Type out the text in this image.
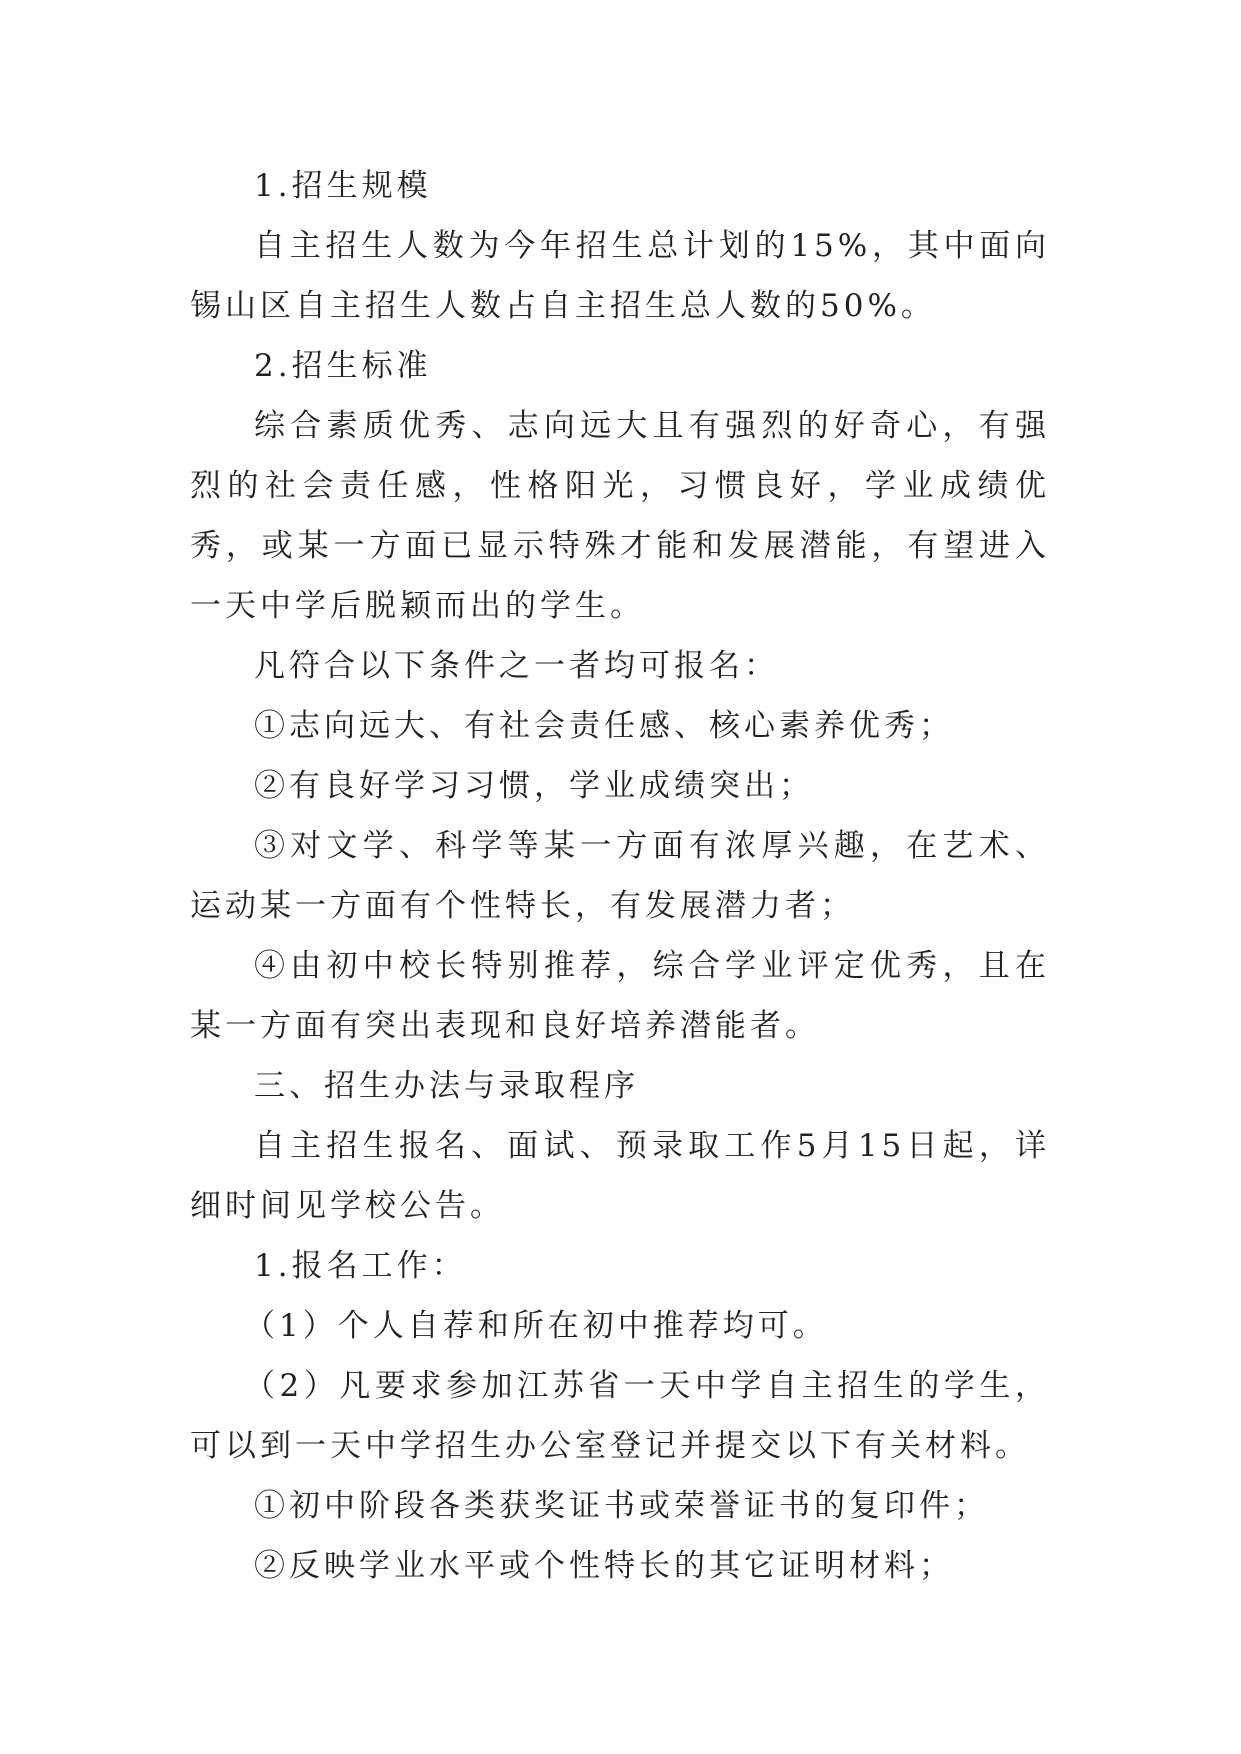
1.招生规模

自主招生人数为今年招生总计划的15%，其中面向锡山区自主招生人数占自主招生总人数的50%。

2.招生标准

综合素质优秀、志向远大且有强烈的好奇心，有强烈的社会责任感，性格阳光，习惯良好，学业成绩优秀，或某一方面已显示特殊才能和发展潜能，有望进入一天中学后脱颖而出的学生。

凡符合以下条件之一者均可报名：

①志向远大、有社会责任感、核心素养优秀；

②有良好学习习惯，学业成绩突出；

③对文学、科学等某一方面有浓厚兴趣，在艺术、运动某一方面有个性特长，有发展潜力者；

④由初中校长特别推荐，综合学业评定优秀，且在某一方面有突出表现和良好培养潜能者。

三、招生办法与录取程序

自主招生报名、面试、预录取工作5月15日起，详细时间见学校公告。

1.报名工作：

（1）个人自荐和所在初中推荐均可。

（2）凡要求参加江苏省一天中学自主招生的学生，可以到一天中学招生办公室登记并提交以下有关材料。

①初中阶段各类获奖证书或荣誉证书的复印件；

②反映学业水平或个性特长的其它证明材料；
